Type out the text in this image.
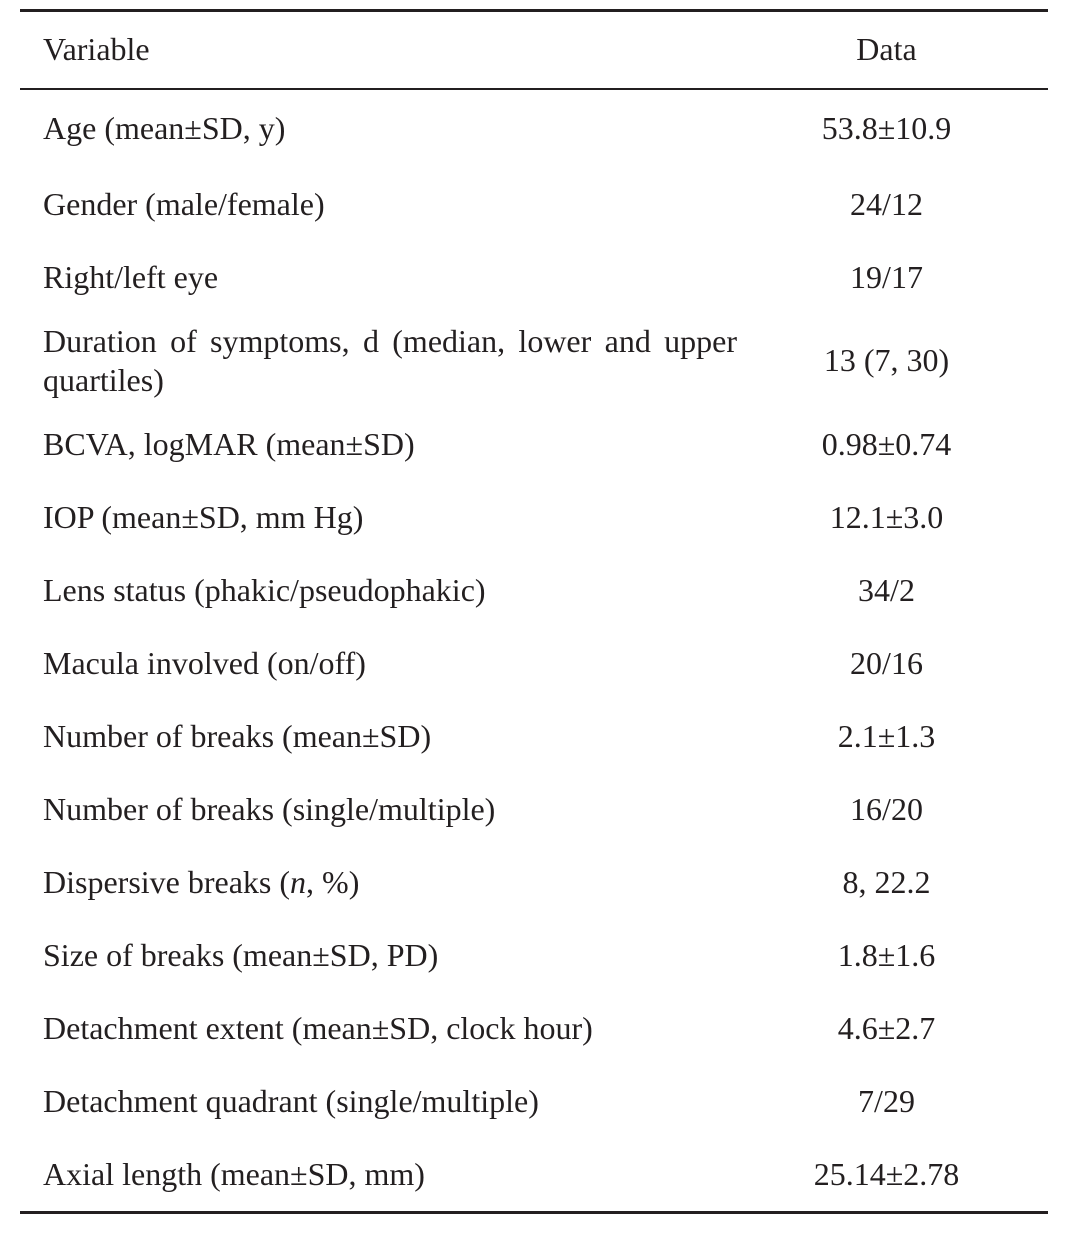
Variable	Data
Age (mean±SD, y)	53.8±10.9
Gender (male/female)	24/12
Right/left eye	19/17

Duration of symptoms, d (median, lower and upper quartiles)	13 (7, 30)
BCVA, logMAR (mean±SD)	0.98±0.74
IOP (mean±SD, mm Hg)	12.1±3.0
Lens status (phakic/pseudophakic)	34/2
Macula involved (on/off)	20/16
Number of breaks (mean±SD)	2.1±1.3
Number of breaks (single/multiple)	16/20
Dispersive breaks (n, %)	8, 22.2
Size of breaks (mean±SD, PD)	1.8±1.6
Detachment extent (mean±SD, clock hour)	4.6±2.7
Detachment quadrant (single/multiple)	7/29
Axial length (mean±SD, mm)	25.14±2.78
